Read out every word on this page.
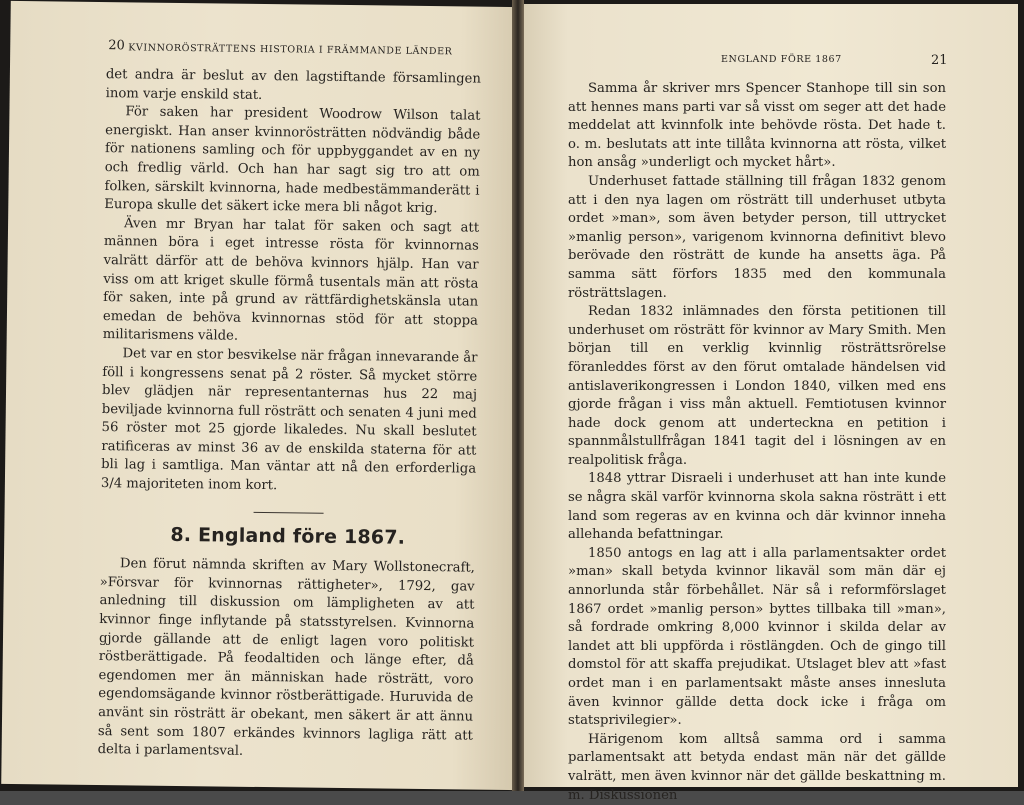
20 KVINNORÖSTRÄTTENS HISTORIA I FRÄMMANDE LÄNDER

det andra är beslut av den lagstiftande församlingen inom varje enskild stat.

För saken har president Woodrow Wilson talat energiskt. Han anser kvinnorösträtten nödvändig både för nationens samling och för uppbyggandet av en ny och fredlig värld. Och han har sagt sig tro att om folken, särskilt kvinnorna, hade medbestämmanderätt i Europa skulle det säkert icke mera bli något krig.

Även mr Bryan har talat för saken och sagt att männen böra i eget intresse rösta för kvinnornas valrätt därför att de behöva kvinnors hjälp. Han var viss om att kriget skulle förmå tusentals män att rösta för saken, inte på grund av rättfärdighetskänsla utan emedan de behöva kvinnornas stöd för att stoppa militarismens välde.

Det var en stor besvikelse när frågan innevarande år föll i kongressens senat på 2 röster. Så mycket större blev glädjen när representanternas hus 22 maj beviljade kvinnorna full rösträtt och senaten 4 juni med 56 röster mot 25 gjorde likaledes. Nu skall beslutet ratificeras av minst 36 av de enskilda staterna för att bli lag i samtliga. Man väntar att nå den erforderliga 3/4 majoriteten inom kort.

8. England före 1867.

Den förut nämnda skriften av Mary Wollstonecraft, »Försvar för kvinnornas rättigheter», 1792, gav anledning till diskussion om lämpligheten av att kvinnor finge inflytande på statsstyrelsen. Kvinnorna gjorde gällande att de enligt lagen voro politiskt röstberättigade. På feodaltiden och länge efter, då egendomen mer än människan hade rösträtt, voro egendomsägande kvinnor röstberättigade. Huruvida de använt sin rösträtt är obekant, men säkert är att ännu så sent som 1807 erkändes kvinnors lagliga rätt att delta i parlamentsval.

ENGLAND FÖRE 1867	21

Samma år skriver mrs Spencer Stanhope till sin son att hennes mans parti var så visst om seger att det hade meddelat att kvinnfolk inte behövde rösta. Det hade t. o. m. beslutats att inte tillåta kvinnorna att rösta, vilket hon ansåg »underligt och mycket hårt».

Underhuset fattade ställning till frågan 1832 genom att i den nya lagen om rösträtt till underhuset utbyta ordet »man», som även betyder person, till uttrycket »manlig person», varigenom kvinnorna definitivt blevo berövade den rösträtt de kunde ha ansetts äga. På samma sätt förfors 1835 med den kommunala rösträttslagen.

Redan 1832 inlämnades den första petitionen till underhuset om rösträtt för kvinnor av Mary Smith. Men början till en verklig kvinnlig rösträttsrörelse föranleddes först av den förut omtalade händelsen vid antislaverikongressen i London 1840, vilken med ens gjorde frågan i viss mån aktuell. Femtiotusen kvinnor hade dock genom att underteckna en petition i spannmålstullfrågan 1841 tagit del i lösningen av en realpolitisk fråga.

1848 yttrar Disraeli i underhuset att han inte kunde se några skäl varför kvinnorna skola sakna rösträtt i ett land som regeras av en kvinna och där kvinnor inneha allehanda befattningar.

1850 antogs en lag att i alla parlamentsakter ordet »man» skall betyda kvinnor likaväl som män där ej annorlunda står förbehållet. När så i reformförslaget 1867 ordet »manlig person» byttes tillbaka till »man», så fordrade omkring 8,000 kvinnor i skilda delar av landet att bli uppförda i röstlängden. Och de gingo till domstol för att skaffa prejudikat. Utslaget blev att »fast ordet man i en parlamentsakt måste anses innesluta även kvinnor gällde detta dock icke i fråga om statsprivilegier».

Härigenom kom alltså samma ord i samma parlamentsakt att betyda endast män när det gällde valrätt, men även kvinnor när det gällde beskattning m. m. Diskussionen
